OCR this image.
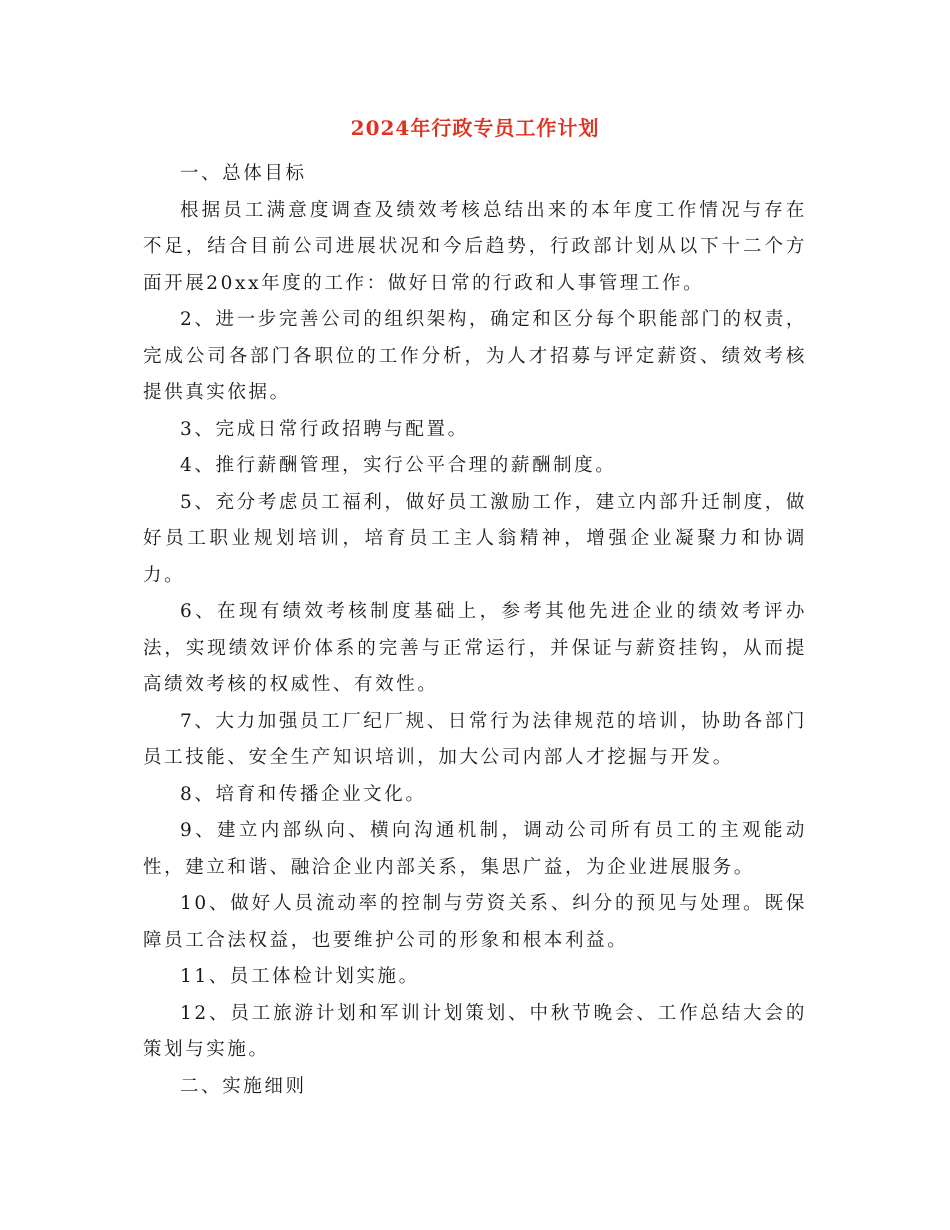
2024年行政专员工作计划

一、总体目标

根据员工满意度调查及绩效考核总结出来的本年度工作情况与存在不足，结合目前公司进展状况和今后趋势，行政部计划从以下十二个方面开展20xx年度的工作：做好日常的行政和人事管理工作。

2、进一步完善公司的组织架构，确定和区分每个职能部门的权责，完成公司各部门各职位的工作分析，为人才招募与评定薪资、绩效考核提供真实依据。

3、完成日常行政招聘与配置。

4、推行薪酬管理，实行公平合理的薪酬制度。

5、充分考虑员工福利，做好员工激励工作，建立内部升迁制度，做好员工职业规划培训，培育员工主人翁精神，增强企业凝聚力和协调力。

6、在现有绩效考核制度基础上，参考其他先进企业的绩效考评办法，实现绩效评价体系的完善与正常运行，并保证与薪资挂钩，从而提高绩效考核的权威性、有效性。

7、大力加强员工厂纪厂规、日常行为法律规范的培训，协助各部门员工技能、安全生产知识培训，加大公司内部人才挖掘与开发。

8、培育和传播企业文化。

9、建立内部纵向、横向沟通机制，调动公司所有员工的主观能动性，建立和谐、融洽企业内部关系，集思广益，为企业进展服务。

10、做好人员流动率的控制与劳资关系、纠分的预见与处理。既保障员工合法权益，也要维护公司的形象和根本利益。

11、员工体检计划实施。

12、员工旅游计划和军训计划策划、中秋节晚会、工作总结大会的策划与实施。

二、实施细则
